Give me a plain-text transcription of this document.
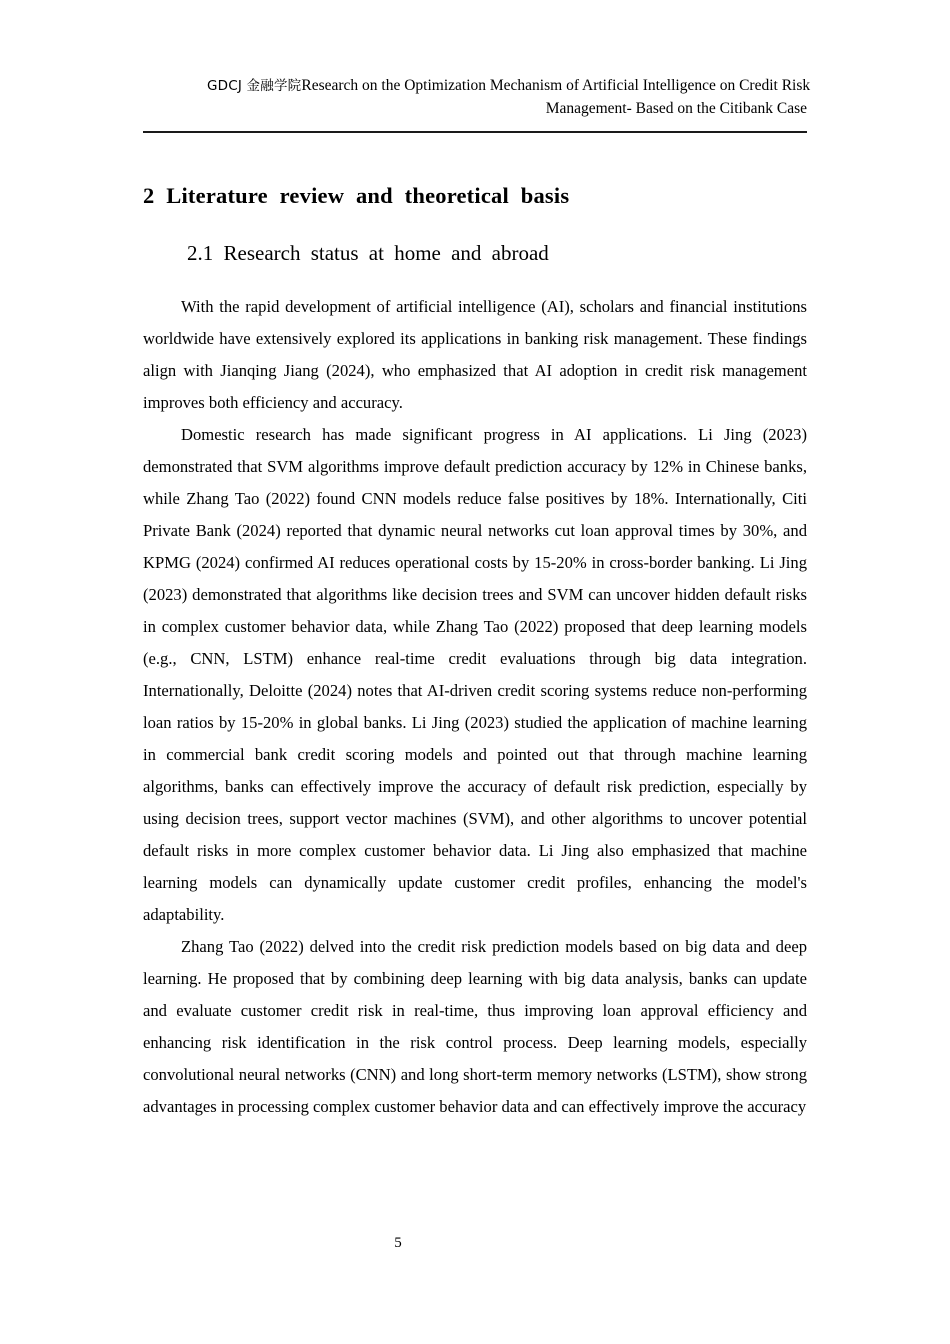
GDCJ 金融学院 Research on the Optimization Mechanism of Artificial Intelligence on Credit Risk
Management- Based on the Citibank Case
2 Literature review and theoretical basis
2.1 Research status at home and abroad

With the rapid development of artificial intelligence (AI), scholars and financial institutions worldwide have extensively explored its applications in banking risk management. These findings align with Jianqing Jiang (2024), who emphasized that AI adoption in credit risk management improves both efficiency and accuracy.

Domestic research has made significant progress in AI applications. Li Jing (2023) demonstrated that SVM algorithms improve default prediction accuracy by 12% in Chinese banks, while Zhang Tao (2022) found CNN models reduce false positives by 18%. Internationally, Citi Private Bank (2024) reported that dynamic neural networks cut loan approval times by 30%, and KPMG (2024) confirmed AI reduces operational costs by 15-20% in cross-border banking. Li Jing (2023) demonstrated that algorithms like decision trees and SVM can uncover hidden default risks in complex customer behavior data, while Zhang Tao (2022) proposed that deep learning models (e.g., CNN, LSTM) enhance real-time credit evaluations through big data integration. Internationally, Deloitte (2024) notes that AI-driven credit scoring systems reduce non-performing loan ratios by 15-20% in global banks. Li Jing (2023) studied the application of machine learning in commercial bank credit scoring models and pointed out that through machine learning algorithms, banks can effectively improve the accuracy of default risk prediction, especially by using decision trees, support vector machines (SVM), and other algorithms to uncover potential default risks in more complex customer behavior data. Li Jing also emphasized that machine learning models can dynamically update customer credit profiles, enhancing the model's adaptability.

Zhang Tao (2022) delved into the credit risk prediction models based on big data and deep learning. He proposed that by combining deep learning with big data analysis, banks can update and evaluate customer credit risk in real-time, thus improving loan approval efficiency and enhancing risk identification in the risk control process. Deep learning models, especially convolutional neural networks (CNN) and long short-term memory networks (LSTM), show strong advantages in processing complex customer behavior data and can effectively improve the accuracy

5
